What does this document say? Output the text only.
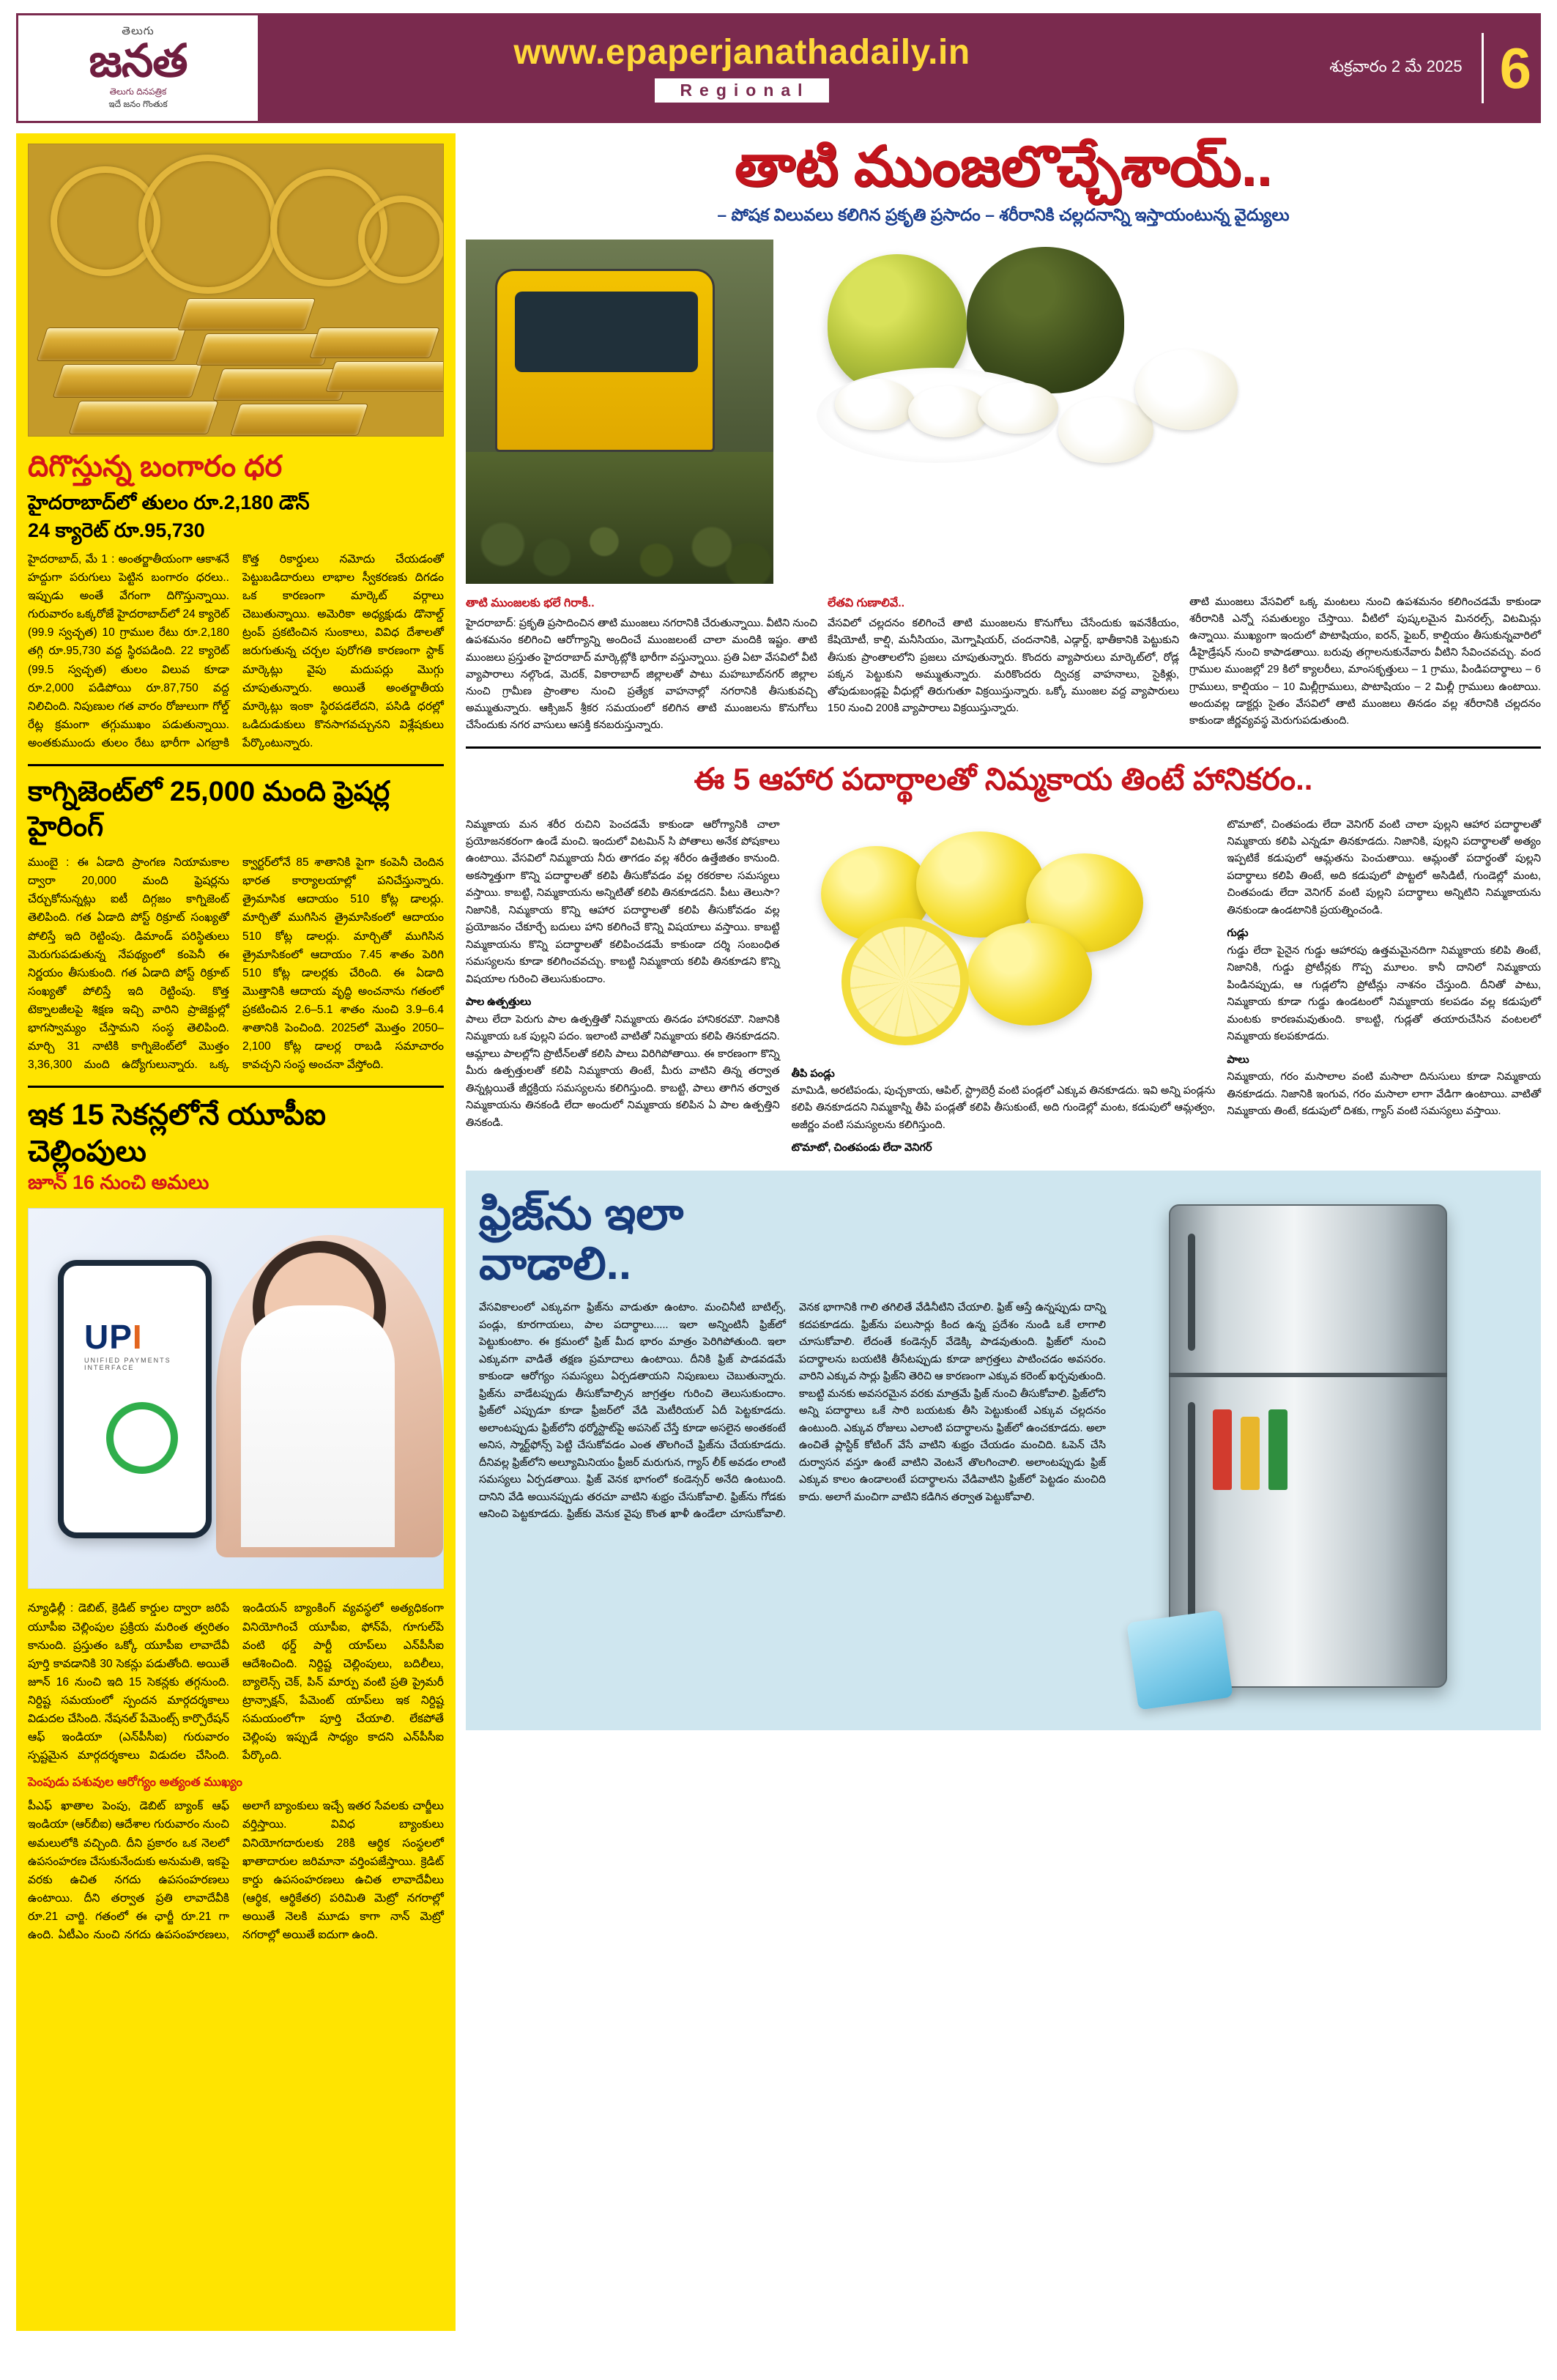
తెలుగు
జనత
తెలుగు దినపత్రిక
ఇదే జనం గొంతుక
www.epaperjanathadaily.in
Regional
శుక్రవారం 2 మే 2025 6
దిగొస్తున్న బంగారం ధర
హైదరాబాద్‌లో తులం రూ.2,180 డౌన్
24 క్యారెట్ రూ.95,730
హైదరాబాద్, మే 1 : అంతర్జాతీయంగా ఆకాశనే హద్దుగా పరుగులు పెట్టిన బంగారం ధరలు.. ఇప్పుడు అంతే వేగంగా దిగొస్తున్నాయి. గురువారం ఒక్కరోజే హైదరాబాద్‌లో 24 క్యారెట్ (99.9 స్వచ్ఛత) 10 గ్రాముల రేటు రూ.2,180 తగ్గి రూ.95,730 వద్ద స్థిరపడింది. 22 క్యారెట్ (99.5 స్వచ్ఛత) తులం విలువ కూడా రూ.2,000 పడిపోయి రూ.87,750 వద్ద నిలిచింది. నిపుణుల గత వారం రోజులుగా గోల్డ్ రేట్ల క్రమంగా తగ్గుముఖం పడుతున్నాయి. అంతకుముందు తులం రేటు భారీగా ఎగబ్రాకి కొత్త రికార్డులు నమోదు చేయడంతో పెట్టుబడిదారులు లాభాల స్వీకరణకు దిగడం ఒక కారణంగా మార్కెట్ వర్గాలు చెబుతున్నాయి. అమెరికా అధ్యక్షుడు డొనాల్డ్ ట్రంప్ ప్రకటించిన సుంకాలు, వివిధ దేశాలతో జరుగుతున్న చర్చల పురోగతి కారణంగా స్టాక్ మార్కెట్లు వైపు మదుపర్లు మొగ్గు చూపుతున్నారు. అయితే అంతర్జాతీయ మార్కెట్లు ఇంకా స్థిరపడలేదని, పసిడి ధరల్లో ఒడిదుడుకులు కొనసాగవచ్చునని విశ్లేషకులు పేర్కొంటున్నారు.
కాగ్నిజెంట్‌లో 25,000 మంది ఫ్రెషర్ల హైరింగ్
ముంబై : ఈ ఏడాది ప్రాంగణ నియామకాల ద్వారా 20,000 మంది ఫ్రెషర్లను చేర్చుకోనున్నట్లు ఐటీ దిగ్గజం కాగ్నిజెంట్ తెలిపింది. గత ఏడాది పోస్ట్ రిక్రూట్ సంఖ్యతో పోలిస్తే ఇది రెట్టింపు. డిమాండ్ పరిస్థితులు మెరుగుపడుతున్న నేపథ్యంలో కంపెనీ ఈ నిర్ణయం తీసుకుంది. గత ఏడాది పోస్ట్ రిక్రూట్ సంఖ్యతో పోలిస్తే ఇది రెట్టింపు. కొత్త టెక్నాలజీలపై శిక్షణ ఇచ్చి వారిని ప్రాజెక్టుల్లో భాగస్వామ్యం చేస్తామని సంస్థ తెలిపింది. మార్చి 31 నాటికి కాగ్నిజెంట్‌లో మొత్తం 3,36,300 మంది ఉద్యోగులున్నారు. ఒక్క క్వార్టర్‌లోనే 85 శాతానికి పైగా కంపెనీ చెందిన భారత కార్యాలయాల్లో పనిచేస్తున్నారు. త్రైమాసిక ఆదాయం 510 కోట్ల డాలర్లు. మార్చితో ముగిసిన త్రైమాసికంలో ఆదాయం 510 కోట్ల డాలర్లు. మార్చితో ముగిసిన త్రైమాసికంలో ఆదాయం 7.45 శాతం పెరిగి 510 కోట్ల డాలర్లకు చేరింది. ఈ ఏడాది మొత్తానికి ఆదాయ వృద్ధి అంచనాను గతంలో ప్రకటించిన 2.6–5.1 శాతం నుంచి 3.9–6.4 శాతానికి పెంచింది. 2025లో మొత్తం 2050–2,100 కోట్ల డాలర్ల రాబడి సమాచారం కావచ్చని సంస్థ అంచనా వేస్తోంది.
ఇక 15 సెకన్లలోనే యూపీఐ చెల్లింపులు
జూన్ 16 నుంచి అమలు
UPI
UNIFIED PAYMENTS INTERFACE
న్యూఢిల్లీ : డెబిట్, క్రెడిట్ కార్డుల ద్వారా జరిపే యూపీఐ చెల్లింపుల ప్రక్రియ మరింత త్వరితం కానుంది. ప్రస్తుతం ఒక్కో యూపీఐ లావాదేవీ పూర్తి కావడానికి 30 సెకన్లు పడుతోంది. అయితే జూన్ 16 నుంచి ఇది 15 సెకన్లకు తగ్గనుంది. నిర్దిష్ట సమయంలో స్పందన మార్గదర్శకాలు విడుదల చేసింది. నేషనల్ పేమెంట్స్ కార్పొరేషన్ ఆఫ్ ఇండియా (ఎన్‌పీసీఐ) గురువారం స్పష్టమైన మార్గదర్శకాలు విడుదల చేసింది. ఇండియన్ బ్యాంకింగ్ వ్యవస్థలో అత్యధికంగా వినియోగించే యూపీఐ, ఫోన్‌పే, గూగుల్‌పే వంటి థర్డ్ పార్టీ యాప్‌లు ఎన్‌పీసీఐ ఆదేశించింది. నిర్దిష్ట చెల్లింపులు, బదిలీలు, బ్యాలెన్స్ చెక్, పిన్ మార్పు వంటి ప్రతి ప్రైమరీ ట్రాన్సాక్షన్, పేమెంట్ యాప్‌లు ఇక నిర్దిష్ట సమయంలోగా పూర్తి చేయాలి. లేకపోతే చెల్లింపు ఇప్పుడే సాధ్యం కాదని ఎన్‌పీసీఐ పేర్కొంది.
పెంపుడు పశువుల ఆరోగ్యం అత్యంత ముఖ్యం
పీఎఫ్ ఖాతాల పెంపు, డెబిట్ బ్యాంక్ ఆఫ్ ఇండియా (ఆర్‌బీఐ) ఆదేశాల గురువారం నుంచి అమలులోకి వచ్చింది. దీని ప్రకారం ఒక నెలలో ఉపసంహరణ చేసుకునేందుకు అనుమతి, ఇకపై వరకు ఉచిత నగదు ఉపసంహరణలు ఉంటాయి. దీని తర్వాత ప్రతి లావాదేవీకి రూ.21 చార్జి. గతంలో ఈ ఛార్జీ రూ.21 గా ఉంది. ఏటీఎం నుంచి నగదు ఉపసంహరణలు, అలాగే బ్యాంకులు ఇచ్చే ఇతర సేవలకు చార్జీలు వర్తిస్తాయి. వివిధ బ్యాంకులు వినియోగదారులకు 28కి ఆర్థిక సంస్థలలో ఖాతాదారుల జరిమానా వర్తింపజేస్తాయి. క్రెడిట్ కార్డు ఉపసంహరణలు ఉచిత లావాదేవీలు (ఆర్థిక, ఆర్థికేతర) పరిమితి మెట్రో నగరాల్లో అయితే నెలకి మూడు కాగా నాన్ మెట్రో నగరాల్లో అయితే ఐదుగా ఉంది.
తాటి ముంజలొచ్చేశాయ్‌..
– పోషక విలువలు కలిగిన ప్రకృతి ప్రసాదం – శరీరానికి చల్లదనాన్ని ఇస్తాయంటున్న వైద్యులు
తాటి ముంజలకు భలే గిరాకీ..
హైదరాబాద్‌: ప్రకృతి ప్రసాదించిన తాటి ముంజలు నగరానికి చేరుతున్నాయి. వీటిని నుంచి ఉపశమనం కలిగించి ఆరోగ్యాన్ని అందించే ముంజలంటే చాలా మందికి ఇష్టం. తాటి ముంజలు ప్రస్తుతం హైదరాబాద్ మార్కెట్లోకి భారీగా వస్తున్నాయి. ప్రతి ఏటా వేసవిలో వీటి వ్యాపారాలు నల్గొండ, మెదక్, వికారాబాద్ జిల్లాలతో పాటు మహబూబ్‌నగర్ జిల్లాల నుంచి గ్రామీణ ప్రాంతాల నుంచి ప్రత్యేక వాహనాల్లో నగరానికి తీసుకువచ్చి అమ్ముతున్నారు. ఆక్సిజన్ శ్రీకర సమయంలో కలిగిన తాటి ముంజలను కొనుగోలు చేసేందుకు నగర వాసులు ఆసక్తి కనబరుస్తున్నారు.
లేతవి గుణాలివే..
వేసవిలో చల్లదనం కలిగించే తాటి ముంజలను కొనుగోలు చేసేందుకు ఇవనేకీయం, కేషియోటీ, కాల్షి, మనీసియం, మెగ్నాషియర్, చందనానికి, ఎడ్గార్డ్, భాతీకానికి పెట్టుకుని తీసుకు ప్రాంతాలలోని ప్రజలు చూపుతున్నారు. కొందరు వ్యాపారులు మార్కెట్‌లో, రోడ్ల పక్కన పెట్టుకుని అమ్ముతున్నారు. మరికొందరు ద్విచక్ర వాహనాలు, సైకిళ్లు, తోపుడుబండ్లపై వీధుల్లో తిరుగుతూ విక్రయిస్తున్నారు. ఒక్కో ముంజల వద్ద వ్యాపారులు 150 నుంచి 200కి వ్యాపారాలు విక్రయిస్తున్నారు.
తాటి ముంజలు వేసవిలో ఒక్క మంటలు నుంచి ఉపశమనం కలిగించడమే కాకుండా శరీరానికి ఎన్నో సమతుల్యం చేస్తాయి. వీటిలో పుష్కలమైన మినరల్స్, విటమిన్లు ఉన్నాయి. ముఖ్యంగా ఇందులో పొటాషియం, ఐరన్, ఫైబర్, కాల్షియం తీసుకున్నవారిలో డీహైడ్రేషన్ నుంచి కాపాడతాయి. బరువు తగ్గాలనుకునేవారు వీటిని సేవించవచ్చు. వంద గ్రాముల ముంజల్లో 29 కిలో క్యాలరీలు, మాంసకృత్తులు – 1 గ్రాము, పిండిపదార్థాలు – 6 గ్రాములు, కాల్షియం – 10 మిల్లీగ్రాములు, పొటాషియం – 2 మిల్లీ గ్రాములు ఉంటాయి. అందువల్ల డాక్టర్లు సైతం వేసవిలో తాటి ముంజలు తినడం వల్ల శరీరానికి చల్లదనం కాకుండా జీర్ణవ్యవస్థ మెరుగుపడుతుంది.
ఈ 5 ఆహార పదార్థాలతో నిమ్మకాయ తింటే హానికరం..
నిమ్మకాయ మన శరీర రుచిని పెంచడమే కాకుండా ఆరోగ్యానికి చాలా ప్రయోజనకరంగా ఉండే మంచి. ఇందులో విటమిన్ సి పోతాలు అనేక పోషకాలు ఉంటాయి. వేసవిలో నిమ్మకాయ నీరు తాగడం వల్ల శరీరం ఉత్తేజితం కానుంది. అకస్మాత్తుగా కొన్ని పదార్థాలతో కలిపి తీసుకోవడం వల్ల రకరకాల సమస్యలు వస్తాయి. కాబట్టి, నిమ్మకాయను అన్నిటితో కలిపి తినకూడదని. పీటు తెలుసా? నిజానికి, నిమ్మకాయ కొన్ని ఆహార పదార్థాలతో కలిపి తీసుకోవడం వల్ల ప్రయోజనం చేకూర్చే బదులు హాని కలిగించే కొన్ని విషయాలు వస్తాయి. కాబట్టి నిమ్మకాయను కొన్ని పదార్థాలతో కలిపించడమే కాకుండా దర్శి సంబంధిత సమస్యలను కూడా కలిగించవచ్చు. కాబట్టి నిమ్మకాయ కలిపి తినకూడని కొన్ని విషయాల గురించి తెలుసుకుందాం.
పాల ఉత్పత్తులు
పాలు లేదా పెరుగు పాల ఉత్పత్తితో నిమ్మకాయ తినడం హానికరమౌ. నిజానికి నిమ్మకాయ ఒక పుల్లని పదం. ఇలాంటి వాటితో నిమ్మకాయ కలిపి తినకూడదని. ఆమ్లాలు పాలల్లోని ప్రొటీన్‌లతో కలిసి పాలు విరిగిపోతాయి. ఈ కారణంగా కొన్ని మీరు ఉత్పత్తులతో కలిపి నిమ్మకాయ తింటే, మీరు వాటిని తిన్న తర్వాత తిన్నట్లయితే జీర్ణక్రియ సమస్యలను కలిగిస్తుంది. కాబట్టి, పాలు తాగిన తర్వాత నిమ్మకాయను తినకండి లేదా అందులో నిమ్మకాయ కలిపిన ఏ పాల ఉత్పత్తిని తినకండి.
తీపి పండ్లు
మామిడి, అరటిపండు, పుచ్చకాయ, ఆపిల్, స్ట్రాబెర్రీ వంటి పండ్లలో ఎక్కువ తినకూడదు. ఇవి అన్ని పండ్లను కలిపి తినకూడదని నిమ్మకాస్ని తీపి పండ్లతో కలిపి తీసుకుంటే, అది గుండెల్లో మంట, కడుపులో ఆమ్లత్వం, అజీర్ణం వంటి సమస్యలను కలిగిస్తుంది.
టొమాటో, చింతపండు లేదా వెనిగర్
టొమాటో, చింతపండు లేదా వెనిగర్ వంటి చాలా పుల్లని ఆహార పదార్థాలతో నిమ్మకాయ కలిపి ఎన్నడూ తినకూడదు. నిజానికి, పుల్లని పదార్థాలతో అత్యం ఇప్పటికే కడుపులో ఆమ్లతను పెంచుతాయి. ఆమ్లంతో పదార్థంతో పుల్లని పదార్థాలు కలిపి తింటే, అది కడుపులో పొట్టలో అసిడిటీ, గుండెల్లో మంట, చింతపండు లేదా వెనిగర్ వంటి పుల్లని పదార్థాలు అన్నిటిని నిమ్మకాయను తినకుండా ఉండటానికి ప్రయత్నించండి.
గుడ్లు
గుడ్డు లేదా పైనైన గుడ్డు ఆహారపు ఉత్తమమైనదిగా నిమ్మకాయ కలిపి తింటే, నిజానికి, గుడ్డు ప్రోటీన్లకు గొప్ప మూలం. కానీ దానిలో నిమ్మకాయ పిండినప్పుడు, ఆ గుడ్లలోని ప్రోటీన్లు నాశనం చేస్తుంది. దీనితో పాటు, నిమ్మకాయ కూడా గుడ్డు ఉండటంలో నిమ్మకాయ కలపడం వల్ల కడుపులో మంటకు కారణమవుతుంది. కాబట్టి, గుడ్లతో తయారుచేసిన వంటలలో నిమ్మకాయ కలపకూడదు.
పాలు
నిమ్మకాయ, గరం మసాలాల వంటి మసాలా దినుసులు కూడా నిమ్మకాయ తినకూడదు. నిజానికి ఇంగువ, గరం మసాలా లాగా వేడిగా ఉంటాయి. వాటితో నిమ్మకాయ తింటే, కడుపులో దిశకు, గ్యాస్ వంటి సమస్యలు వస్తాయి.
ఫ్రిజ్‌ను ఇలా
వాడాలి..
వేసవికాలంలో ఎక్కువగా ఫ్రిజ్‌ను వాడుతూ ఉంటాం. మంచినీటి బాటిల్స్, పండ్లు, కూరగాయలు, పాల పదార్థాలు..... ఇలా అన్నింటినీ ఫ్రిజ్‌లో పెట్టుకుంటాం. ఈ క్రమంలో ఫ్రిజ్ మీద భారం మాత్రం పెరిగిపోతుంది. ఇలా ఎక్కువగా వాడితే తక్షణ ప్రమాదాలు ఉంటాయి. దీనికి ఫ్రిజ్ పాడవడమే కాకుండా ఆరోగ్యం సమస్యలు ఏర్పడతాయని నిపుణులు చెబుతున్నారు. ఫ్రిజ్‌ను వాడేటప్పుడు తీసుకోవాల్సిన జాగ్రత్తల గురించి తెలుసుకుందాం. ఫ్రిజ్‌లో ఎప్పుడూ కూడా ఫ్రీజర్‌లో వేడి మెటీరియల్ ఏదీ పెట్టకూడదు. అలాంటప్పుడు ఫ్రిజ్‌లోని థర్మోస్టాట్‌పై అపసెట్ చేస్తే కూడా అసలైన అంతకంటే అనిస, స్మార్ట్‌ఫోన్స్ పెట్టి చేసుకోవడం ఎంత తొలగించే ఫ్రిజ్‌ను చేయకూడదు. దీనివల్ల ఫ్రిజ్‌లోని అల్యూమినియం ఫ్రీజర్ మరుగున, గ్యాస్ లీక్ అవడం లాంటి సమస్యలు ఏర్పడతాయి. ఫ్రిజ్ వెనక భాగంలో కండెన్సర్ అనేది ఉంటుంది. దానిని వేడి అయినప్పుడు తరచూ వాటిని శుభ్రం చేసుకోవాలి. ఫ్రిజ్‌ను గోడకు ఆనించి పెట్టకూడదు. ఫ్రిజ్‌కు వెనుక వైపు కొంత ఖాళీ ఉండేలా చూసుకోవాలి. వెనక భాగానికి గాలి తగిలితే వేడినీటిని చేయాలి. ఫ్రిజ్ ఆస్తే ఉన్నప్పుడు దాన్ని కదపకూడదు. ఫ్రిజ్‌ను పలుసార్లు కింద ఉన్న ప్రదేశం నుండి ఒకే లాగాలి చూసుకోవాలి. లేదంతే కండెన్సర్ వేడెక్కి పాడవుతుంది. ఫ్రిజ్‌లో నుంచి పదార్థాలను బయటికి తీసేటప్పుడు కూడా జాగ్రత్తలు పాటించడం అవసరం. వారిని ఎక్కువ సార్లు ఫ్రిజ్‌ని తెరిచి ఆ కారణంగా ఎక్కువ కరెంట్ ఖర్చవుతుంది. కాబట్టి మనకు అవసరమైన వరకు మాత్రమే ఫ్రిజ్ నుంచి తీసుకోవాలి. ఫ్రిజ్‌లోని అన్ని పదార్థాలు ఒకే సారి బయటకు తీసి పెట్టుకుంటే ఎక్కువ చల్లదనం ఉంటుంది. ఎక్కువ రోజులు ఎలాంటి పదార్థాలను ఫ్రిజ్‌లో ఉంచకూడదు. అలా ఉంచితే ప్లాస్టిక్ కోటింగ్ వేసే వాటిని శుభ్రం చేయడం మంచిది. ఓపెన్ చేసి దుర్వాసన వస్తూ ఉంటే వాటిని వెంటనే తొలగించాలి. అలాంటప్పుడు ఫ్రిజ్ ఎక్కువ కాలం ఉండాలంటే పదార్థాలను వేడివాటిని ఫ్రిజ్‌లో పెట్టడం మంచిది కాదు. అలాగే మంచిగా వాటిని కడిగిన తర్వాత పెట్టుకోవాలి.
